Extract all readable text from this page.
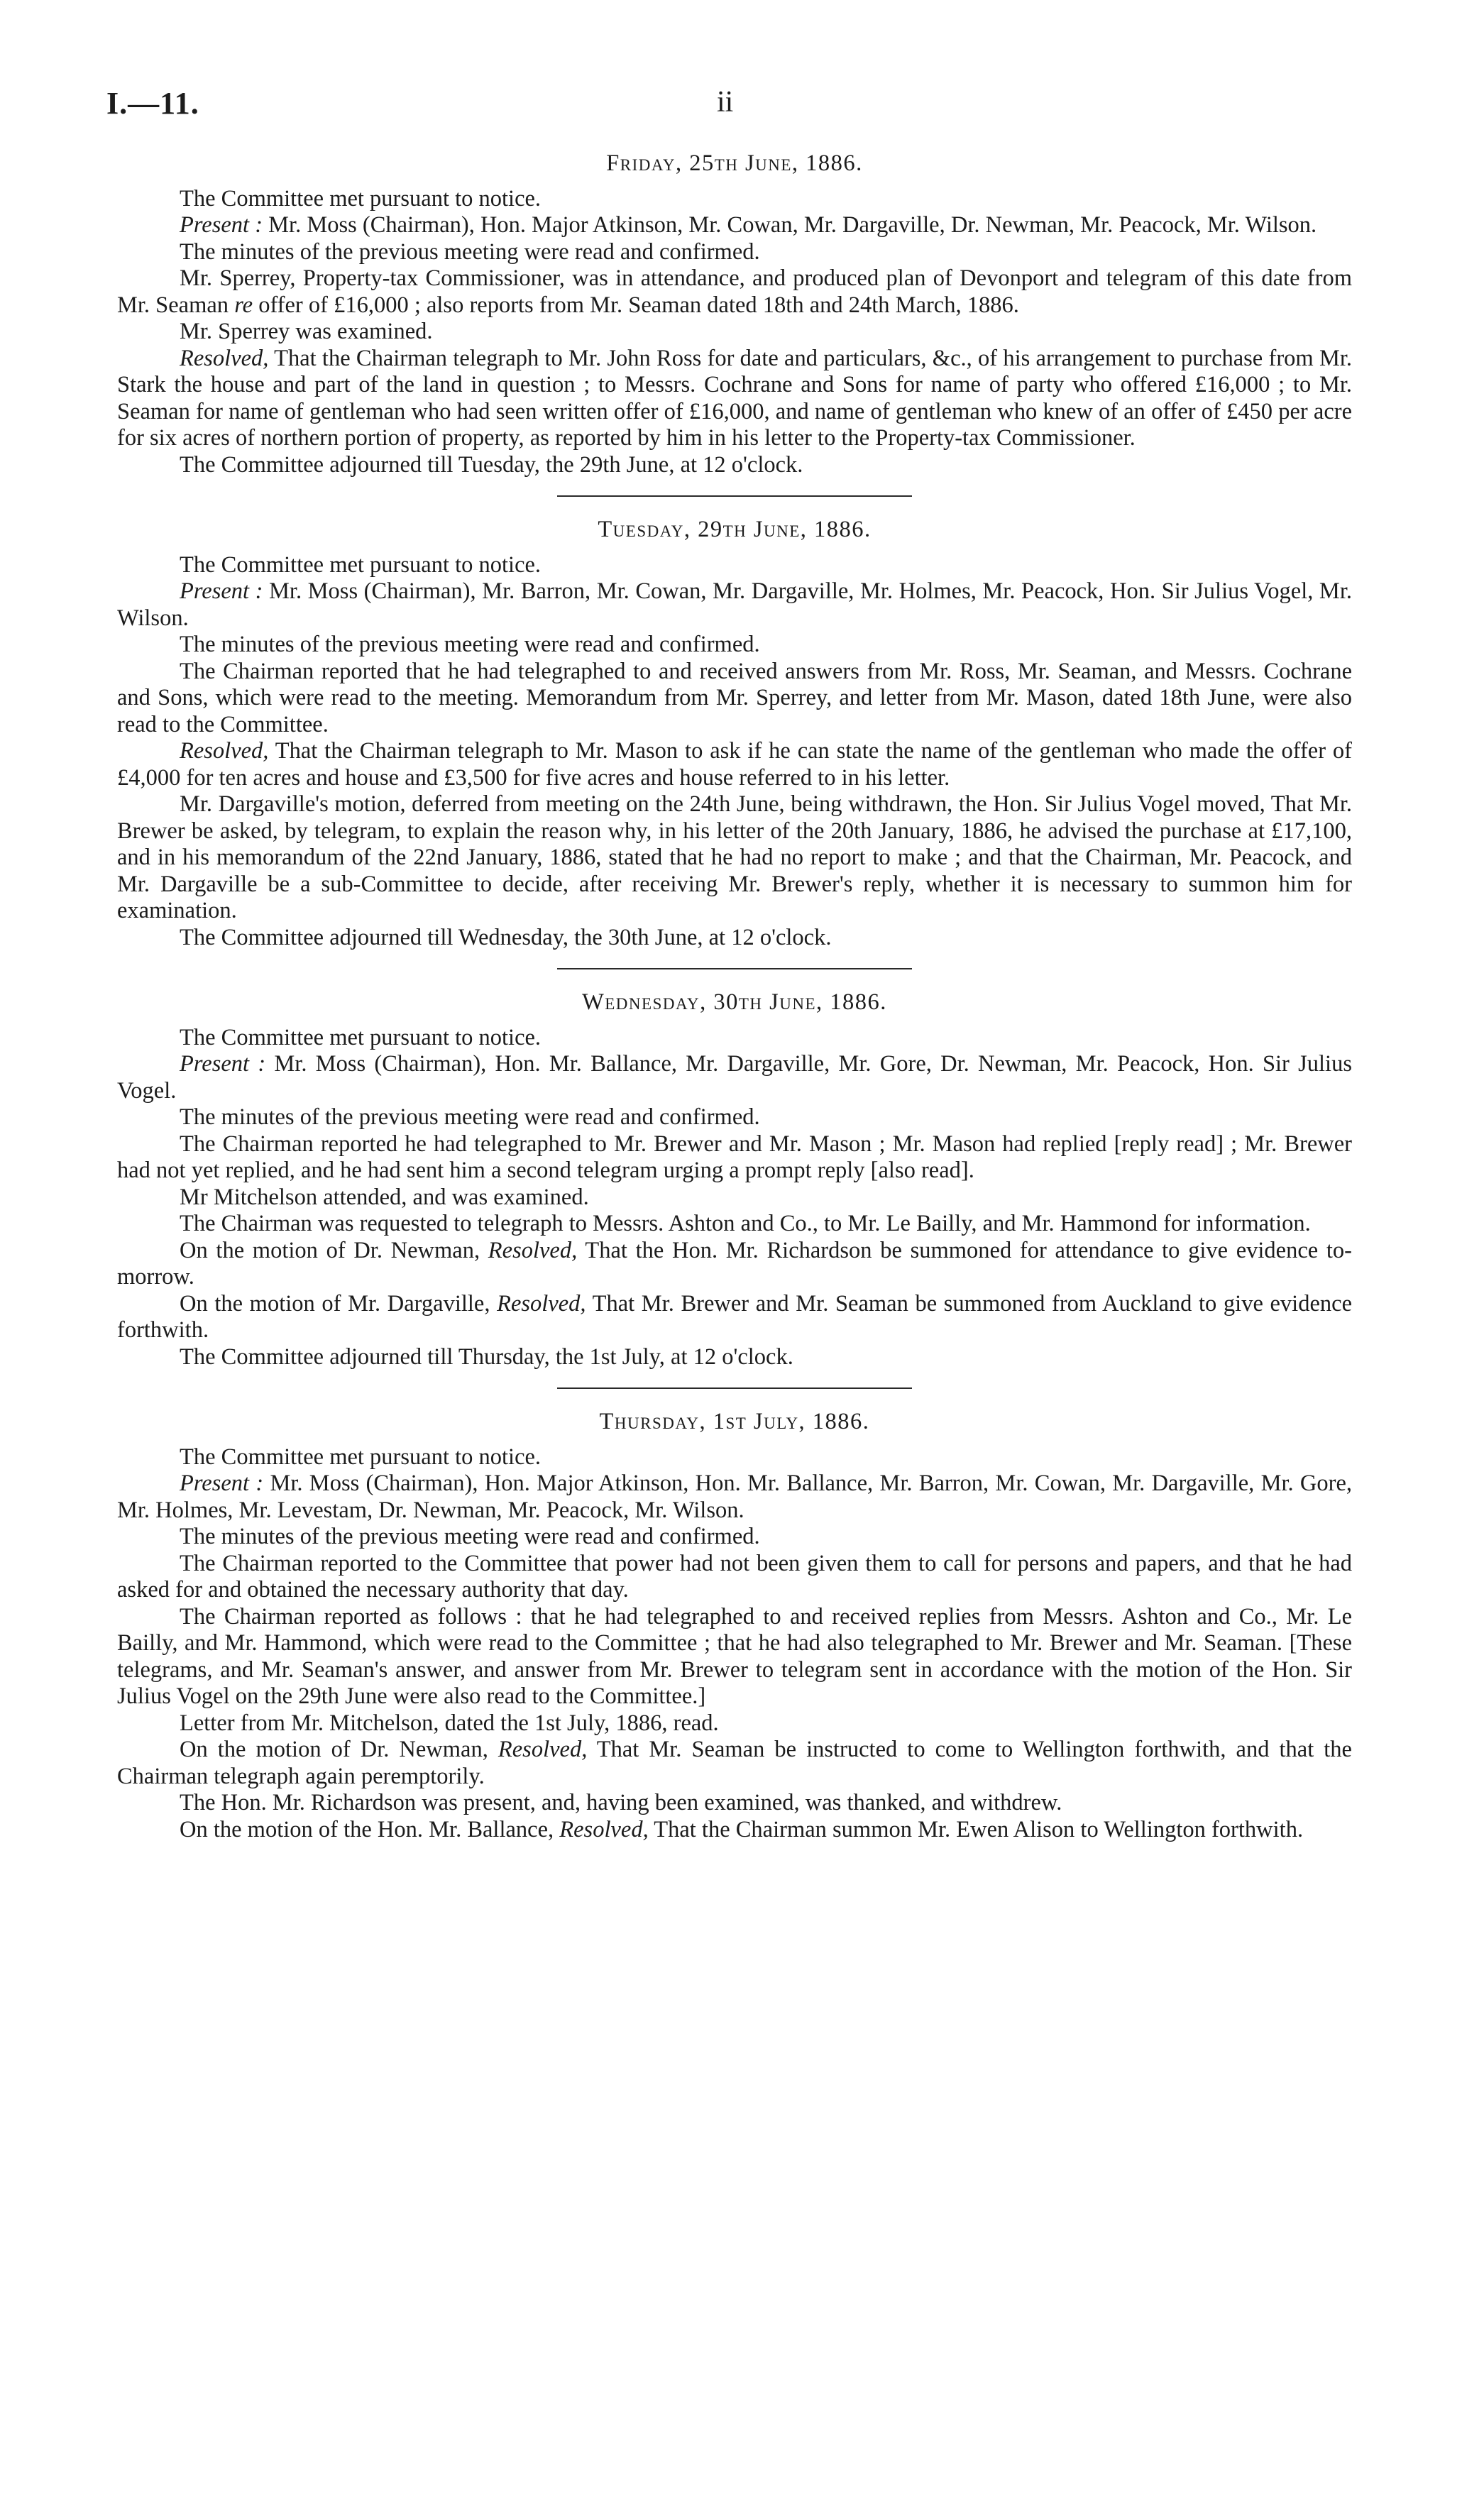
I.—11.	ii

Friday, 25th June, 1886.

The Committee met pursuant to notice.

Present : Mr. Moss (Chairman), Hon. Major Atkinson, Mr. Cowan, Mr. Dargaville, Dr. Newman, Mr. Peacock, Mr. Wilson.

The minutes of the previous meeting were read and confirmed.

Mr. Sperrey, Property-tax Commissioner, was in attendance, and produced plan of Devonport and telegram of this date from Mr. Seaman re offer of £16,000 ; also reports from Mr. Seaman dated 18th and 24th March, 1886.

Mr. Sperrey was examined.

Resolved, That the Chairman telegraph to Mr. John Ross for date and particulars, &c., of his arrangement to purchase from Mr. Stark the house and part of the land in question ; to Messrs. Cochrane and Sons for name of party who offered £16,000 ; to Mr. Seaman for name of gentleman who had seen written offer of £16,000, and name of gentleman who knew of an offer of £450 per acre for six acres of northern portion of property, as reported by him in his letter to the Property-tax Commissioner.

The Committee adjourned till Tuesday, the 29th June, at 12 o'clock.

Tuesday, 29th June, 1886.

The Committee met pursuant to notice.

Present : Mr. Moss (Chairman), Mr. Barron, Mr. Cowan, Mr. Dargaville, Mr. Holmes, Mr. Peacock, Hon. Sir Julius Vogel, Mr. Wilson.

The minutes of the previous meeting were read and confirmed.

The Chairman reported that he had telegraphed to and received answers from Mr. Ross, Mr. Seaman, and Messrs. Cochrane and Sons, which were read to the meeting. Memorandum from Mr. Sperrey, and letter from Mr. Mason, dated 18th June, were also read to the Committee.

Resolved, That the Chairman telegraph to Mr. Mason to ask if he can state the name of the gentleman who made the offer of £4,000 for ten acres and house and £3,500 for five acres and house referred to in his letter.

Mr. Dargaville's motion, deferred from meeting on the 24th June, being withdrawn, the Hon. Sir Julius Vogel moved, That Mr. Brewer be asked, by telegram, to explain the reason why, in his letter of the 20th January, 1886, he advised the purchase at £17,100, and in his memorandum of the 22nd January, 1886, stated that he had no report to make ; and that the Chairman, Mr. Peacock, and Mr. Dargaville be a sub-Committee to decide, after receiving Mr. Brewer's reply, whether it is necessary to summon him for examination.

The Committee adjourned till Wednesday, the 30th June, at 12 o'clock.

Wednesday, 30th June, 1886.

The Committee met pursuant to notice.

Present : Mr. Moss (Chairman), Hon. Mr. Ballance, Mr. Dargaville, Mr. Gore, Dr. Newman, Mr. Peacock, Hon. Sir Julius Vogel.

The minutes of the previous meeting were read and confirmed.

The Chairman reported he had telegraphed to Mr. Brewer and Mr. Mason ; Mr. Mason had replied [reply read] ; Mr. Brewer had not yet replied, and he had sent him a second telegram urging a prompt reply [also read].

Mr Mitchelson attended, and was examined.

The Chairman was requested to telegraph to Messrs. Ashton and Co., to Mr. Le Bailly, and Mr. Hammond for information.

On the motion of Dr. Newman, Resolved, That the Hon. Mr. Richardson be summoned for attendance to give evidence to-morrow.

On the motion of Mr. Dargaville, Resolved, That Mr. Brewer and Mr. Seaman be summoned from Auckland to give evidence forthwith.

The Committee adjourned till Thursday, the 1st July, at 12 o'clock.

Thursday, 1st July, 1886.

The Committee met pursuant to notice.

Present : Mr. Moss (Chairman), Hon. Major Atkinson, Hon. Mr. Ballance, Mr. Barron, Mr. Cowan, Mr. Dargaville, Mr. Gore, Mr. Holmes, Mr. Levestam, Dr. Newman, Mr. Peacock, Mr. Wilson.

The minutes of the previous meeting were read and confirmed.

The Chairman reported to the Committee that power had not been given them to call for persons and papers, and that he had asked for and obtained the necessary authority that day.

The Chairman reported as follows : that he had telegraphed to and received replies from Messrs. Ashton and Co., Mr. Le Bailly, and Mr. Hammond, which were read to the Committee ; that he had also telegraphed to Mr. Brewer and Mr. Seaman. [These telegrams, and Mr. Seaman's answer, and answer from Mr. Brewer to telegram sent in accordance with the motion of the Hon. Sir Julius Vogel on the 29th June were also read to the Committee.]

Letter from Mr. Mitchelson, dated the 1st July, 1886, read.

On the motion of Dr. Newman, Resolved, That Mr. Seaman be instructed to come to Wellington forthwith, and that the Chairman telegraph again peremptorily.

The Hon. Mr. Richardson was present, and, having been examined, was thanked, and withdrew.

On the motion of the Hon. Mr. Ballance, Resolved, That the Chairman summon Mr. Ewen Alison to Wellington forthwith.
